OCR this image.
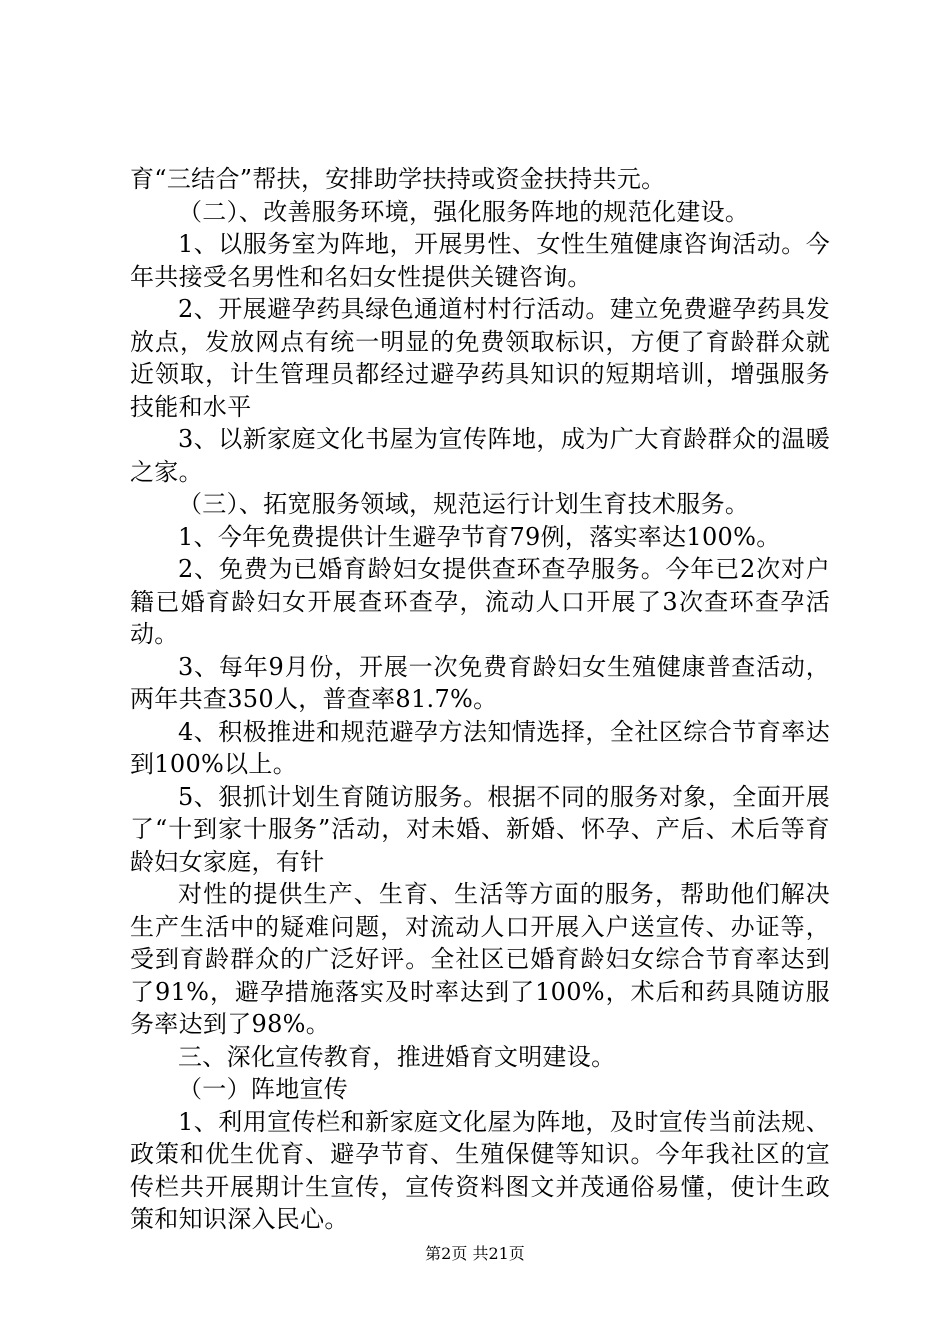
育“三结合”帮扶，安排助学扶持或资金扶持共元。

（二）、改善服务环境，强化服务阵地的规范化建设。

1、以服务室为阵地，开展男性、女性生殖健康咨询活动。今年共接受名男性和名妇女性提供关键咨询。

2、开展避孕药具绿色通道村村行活动。建立免费避孕药具发放点，发放网点有统一明显的免费领取标识，方便了育龄群众就近领取，计生管理员都经过避孕药具知识的短期培训，增强服务技能和水平

3、以新家庭文化书屋为宣传阵地，成为广大育龄群众的温暖之家。

（三）、拓宽服务领域，规范运行计划生育技术服务。

1、今年免费提供计生避孕节育79例，落实率达100%。

2、免费为已婚育龄妇女提供查环查孕服务。今年已2次对户籍已婚育龄妇女开展查环查孕，流动人口开展了3次查环查孕活动。

3、每年9月份，开展一次免费育龄妇女生殖健康普查活动，两年共查350人，普查率81.7%。

4、积极推进和规范避孕方法知情选择，全社区综合节育率达到100%以上。

5、狠抓计划生育随访服务。根据不同的服务对象，全面开展了“十到家十服务”活动，对未婚、新婚、怀孕、产后、术后等育龄妇女家庭，有针

对性的提供生产、生育、生活等方面的服务，帮助他们解决生产生活中的疑难问题，对流动人口开展入户送宣传、办证等，受到育龄群众的广泛好评。全社区已婚育龄妇女综合节育率达到了91%，避孕措施落实及时率达到了100%，术后和药具随访服务率达到了98%。

三、深化宣传教育，推进婚育文明建设。

（一）阵地宣传

1、利用宣传栏和新家庭文化屋为阵地，及时宣传当前法规、政策和优生优育、避孕节育、生殖保健等知识。今年我社区的宣传栏共开展期计生宣传，宣传资料图文并茂通俗易懂，使计生政策和知识深入民心。

第2页 共21页
